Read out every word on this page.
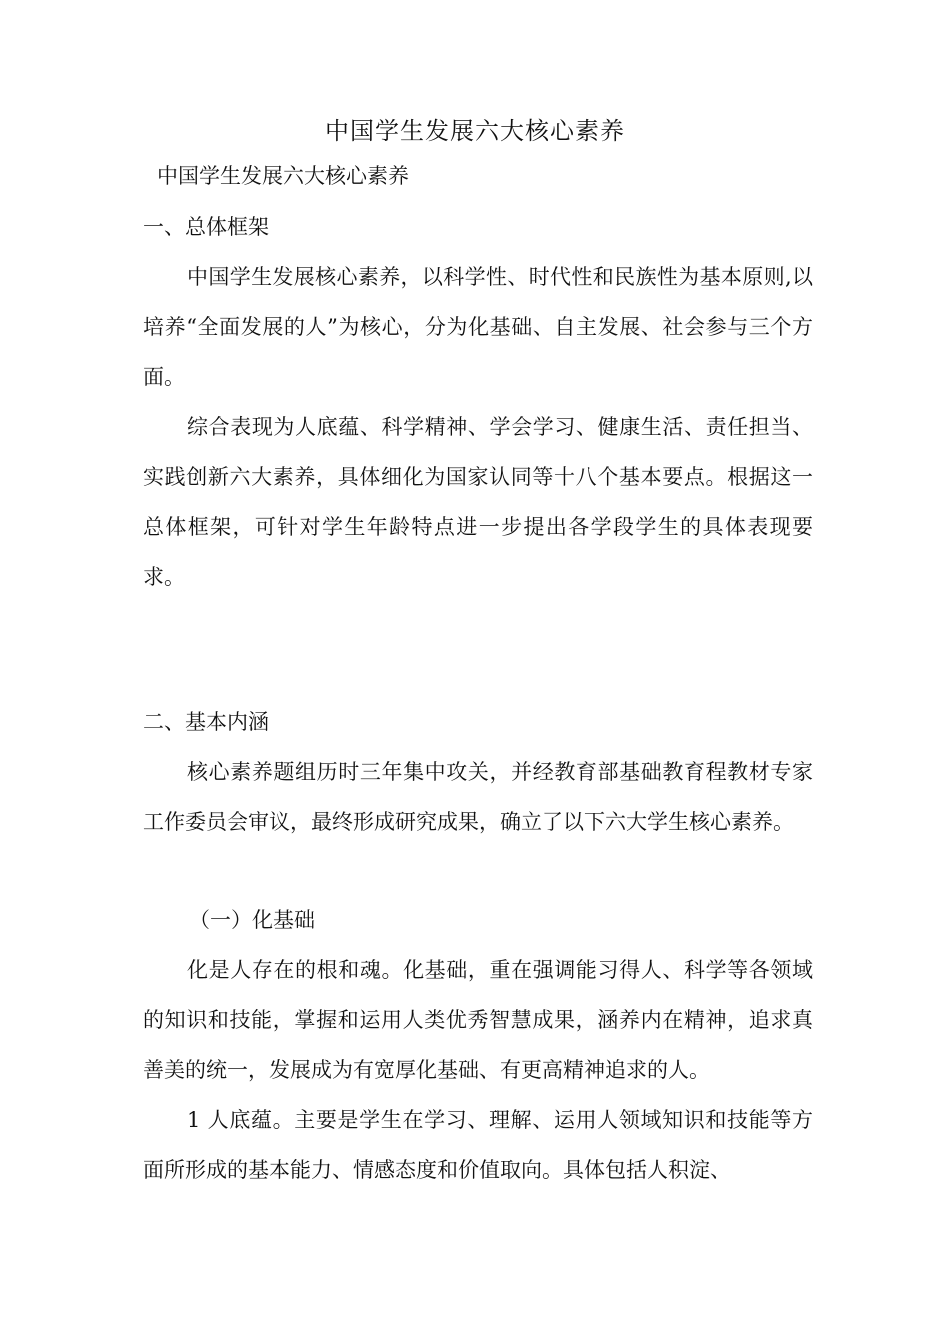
中国学生发展六大核心素养
中国学生发展六大核心素养
一、总体框架
中国学生发展核心素养，以科学性、时代性和民族性为基本原则,以培养“全面发展的人”为核心，分为化基础、自主发展、社会参与三个方面。
综合表现为人底蕴、科学精神、学会学习、健康生活、责任担当、实践创新六大素养，具体细化为国家认同等十八个基本要点。根据这一总体框架，可针对学生年龄特点进一步提出各学段学生的具体表现要求。
二、基本内涵
核心素养题组历时三年集中攻关，并经教育部基础教育程教材专家工作委员会审议，最终形成研究成果，确立了以下六大学生核心素养。
（一）化基础
化是人存在的根和魂。化基础，重在强调能习得人、科学等各领域的知识和技能，掌握和运用人类优秀智慧成果，涵养内在精神，追求真善美的统一，发展成为有宽厚化基础、有更高精神追求的人。
1 人底蕴。主要是学生在学习、理解、运用人领域知识和技能等方面所形成的基本能力、情感态度和价值取向。具体包括人积淀、
